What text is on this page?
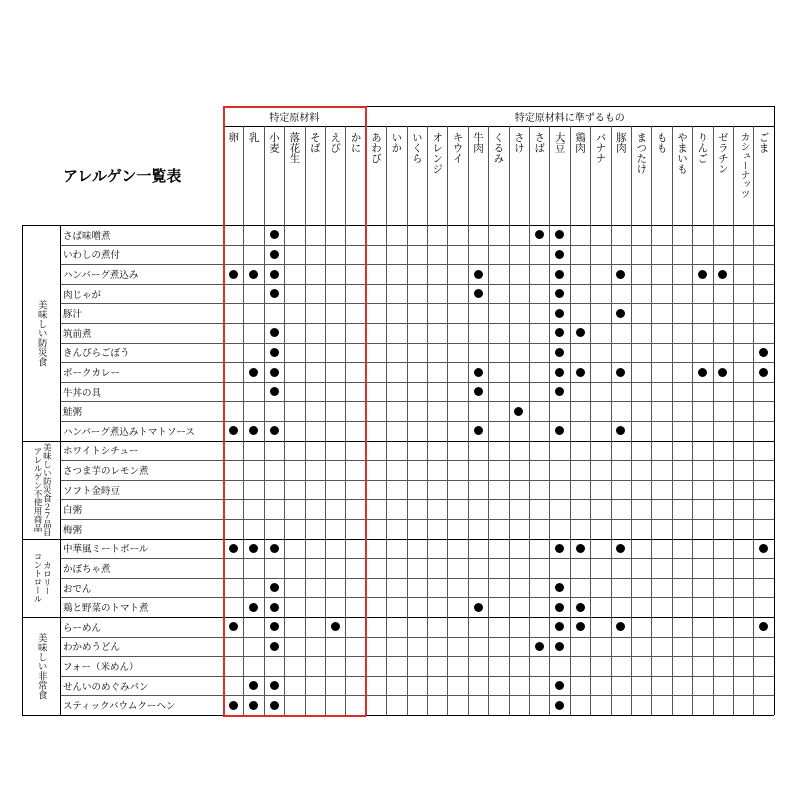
アレルゲン一覧表
特定原材料	特定原材料に準ずるもの
卵 乳 小麦 落花生 そば えび かに あわび いか いくら オレンジ キウイ 牛肉 くるみ さけ さば 大豆 鶏肉 バナナ 豚肉 まつたけ もも やまいも りんご ゼラチン カシューナッツ ごま
美味しい防災食
さば味噌煮
いわしの煮付
ハンバーグ煮込み
肉じゃが
豚汁
筑前煮
きんぴらごぼう
ポークカレー
牛丼の具
鮭粥
ハンバーグ煮込みトマトソース
アレルゲン不使用商品 美味しい防災食２７品目 ホワイトシチュー
さつま芋のレモン煮
ソフト金時豆
白粥
梅粥
コントロール カロリー
中華風ミートボール
かぼちゃ煮
おでん
鶏と野菜のトマト煮
美味しい非常食
らーめん
わかめうどん
フォー（米めん）
せんいのめぐみパン
スティックバウムクーヘン
